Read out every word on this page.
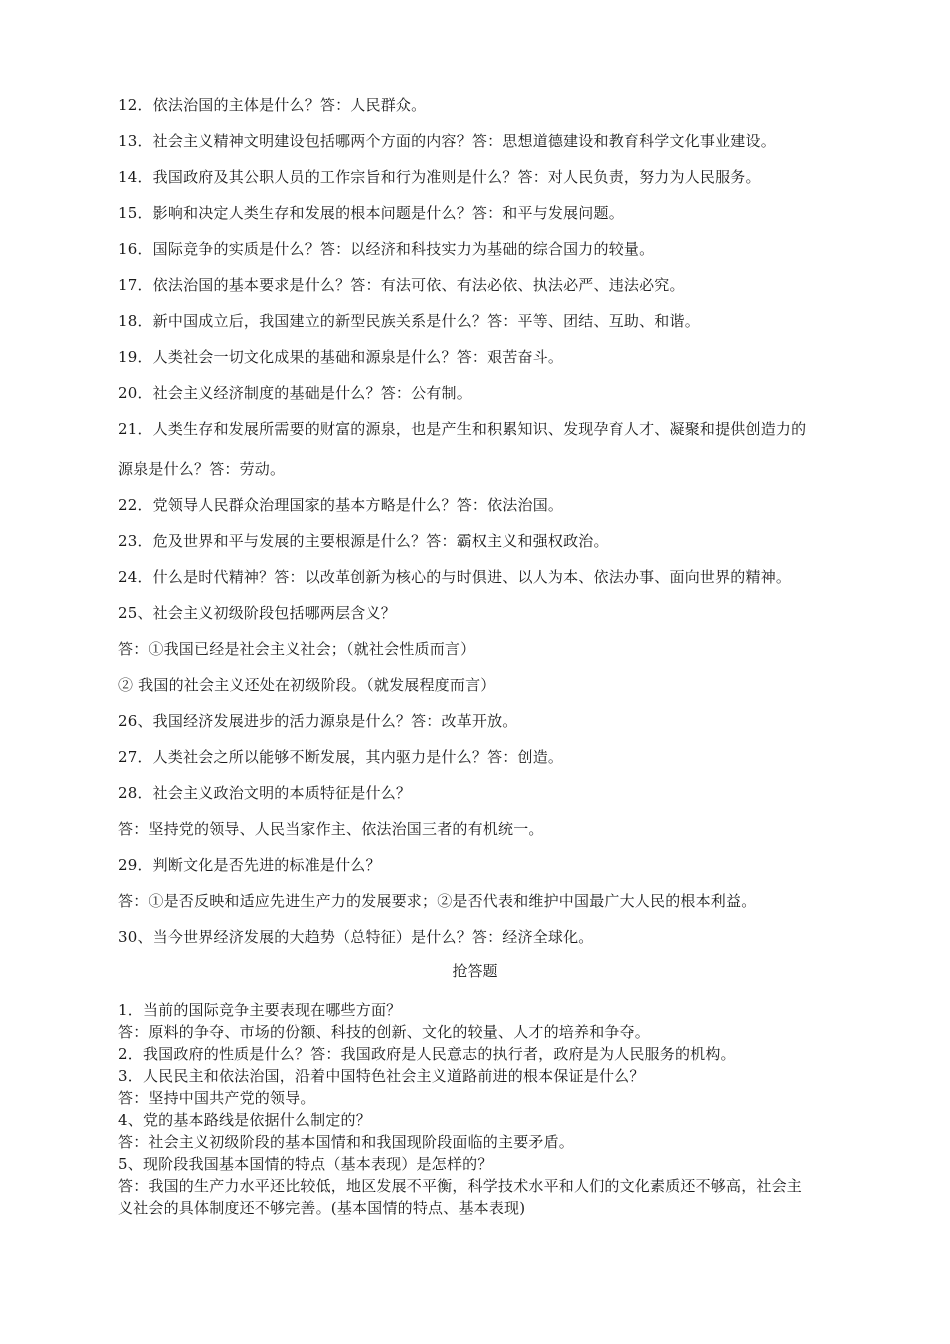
12．依法治国的主体是什么？答：人民群众。
13．社会主义精神文明建设包括哪两个方面的内容？答：思想道德建设和教育科学文化事业建设。
14．我国政府及其公职人员的工作宗旨和行为准则是什么？答：对人民负责，努力为人民服务。
15．影响和决定人类生存和发展的根本问题是什么？答：和平与发展问题。
16．国际竞争的实质是什么？答：以经济和科技实力为基础的综合国力的较量。
17．依法治国的基本要求是什么？答：有法可依、有法必依、执法必严、违法必究。
18．新中国成立后，我国建立的新型民族关系是什么？答：平等、团结、互助、和谐。
19．人类社会一切文化成果的基础和源泉是什么？答：艰苦奋斗。
20．社会主义经济制度的基础是什么？答：公有制。
21．人类生存和发展所需要的财富的源泉，也是产生和积累知识、发现孕育人才、凝聚和提供创造力的
源泉是什么？答：劳动。
22．党领导人民群众治理国家的基本方略是什么？答：依法治国。
23．危及世界和平与发展的主要根源是什么？答：霸权主义和强权政治。
24．什么是时代精神？答：以改革创新为核心的与时俱进、以人为本、依法办事、面向世界的精神。
25、社会主义初级阶段包括哪两层含义？
答：①我国已经是社会主义社会；（就社会性质而言）
② 我国的社会主义还处在初级阶段。（就发展程度而言）
26、我国经济发展进步的活力源泉是什么？答：改革开放。
27．人类社会之所以能够不断发展，其内驱力是什么？答：创造。
28．社会主义政治文明的本质特征是什么？
答：坚持党的领导、人民当家作主、依法治国三者的有机统一。
29．判断文化是否先进的标准是什么？
答：①是否反映和适应先进生产力的发展要求；②是否代表和维护中国最广大人民的根本利益。
30、当今世界经济发展的大趋势（总特征）是什么？答：经济全球化。
抢答题
1．当前的国际竞争主要表现在哪些方面？
答：原料的争夺、市场的份额、科技的创新、文化的较量、人才的培养和争夺。
2．我国政府的性质是什么？答：我国政府是人民意志的执行者，政府是为人民服务的机构。
3．人民民主和依法治国，沿着中国特色社会主义道路前进的根本保证是什么？
答：坚持中国共产党的领导。
4、党的基本路线是依据什么制定的？
答：社会主义初级阶段的基本国情和和我国现阶段面临的主要矛盾。
5、现阶段我国基本国情的特点（基本表现）是怎样的？
答：我国的生产力水平还比较低，地区发展不平衡，科学技术水平和人们的文化素质还不够高，社会主
义社会的具体制度还不够完善。(基本国情的特点、基本表现)
